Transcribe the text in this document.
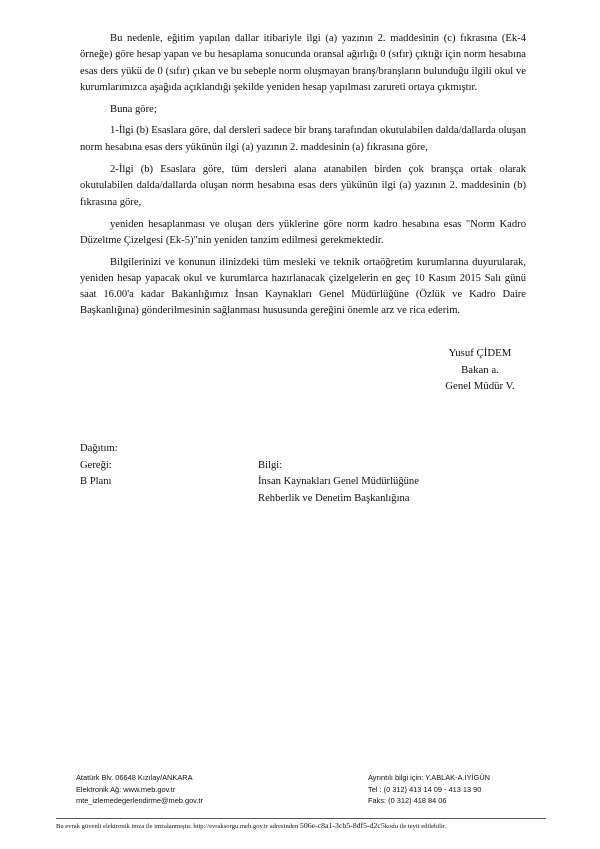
Bu nedenle, eğitim yapılan dallar itibariyle ilgi (a) yazının 2. maddesinin (c) fıkrasına (Ek-4 örneğe) göre hesap yapan ve bu hesaplama sonucunda oransal ağırlığı 0 (sıfır) çıktığı için norm hesabına esas ders yükü de 0 (sıfır) çıkan ve bu sebeple norm oluşmayan branş/branşların bulunduğu ilgili okul ve kurumlarımızca aşağıda açıklandığı şekilde yeniden hesap yapılması zarureti ortaya çıkmıştır.

Buna göre;

1-İlgi (b) Esaslara göre, dal dersleri sadece bir branş tarafından okutulabilen dalda/dallarda oluşan norm hesabına esas ders yükünün ilgi (a) yazının 2. maddesinin (a) fıkrasına göre,

2-İlgi (b) Esaslara göre, tüm dersleri alana atanabilen birden çok branşça ortak olarak okutulabilen dalda/dallarda oluşan norm hesabına esas ders yükünün ilgi (a) yazının 2. maddesinin (b) fıkrasına göre,

yeniden hesaplanması ve oluşan ders yüklerine göre norm kadro hesabına esas "Norm Kadro Düzeltme Çizelgesi (Ek-5)"nin yeniden tanzim edilmesi gerekmektedir.

Bilgilerinizi ve konunun ilinizdeki tüm mesleki ve teknik ortaöğretim kurumlarına duyurularak, yeniden hesap yapacak okul ve kurumlarca hazırlanacak çizelgelerin en geç 10 Kasım 2015 Salı günü saat 16.00'a kadar Bakanlığımız İnsan Kaynakları Genel Müdürlüğüne (Özlük ve Kadro Daire Başkanlığına) gönderilmesinin sağlanması hususunda gereğini önemle arz ve rica ederim.

Yusuf ÇİDEM
Bakan a.
Genel Müdür V.
Dağıtım:
Gereği:
B Planı
Bilgi:
İnsan Kaynakları Genel Müdürlüğüne
Rehberlik ve Denetim Başkanlığına
Atatürk Blv. 06648 Kızılay/ANKARA
Elektronik Ağ: www.meb.gov.tr
mte_izlemedegerlendirme@meb.gov.tr
Ayrıntılı bilgi için: Y.ABLAK-A.İYİGÜN
Tel : (0 312) 413 14 09 - 413 13 90
Faks: (0 312) 418 84 06
Bu evrak güvenli elektronik imza ile imzalanmıştır. http://evraksorgu.meb.gov.tr adresinden 506e-c8a1-3cb5-8df5-d2c5kodu ile teyit edilebilir.
